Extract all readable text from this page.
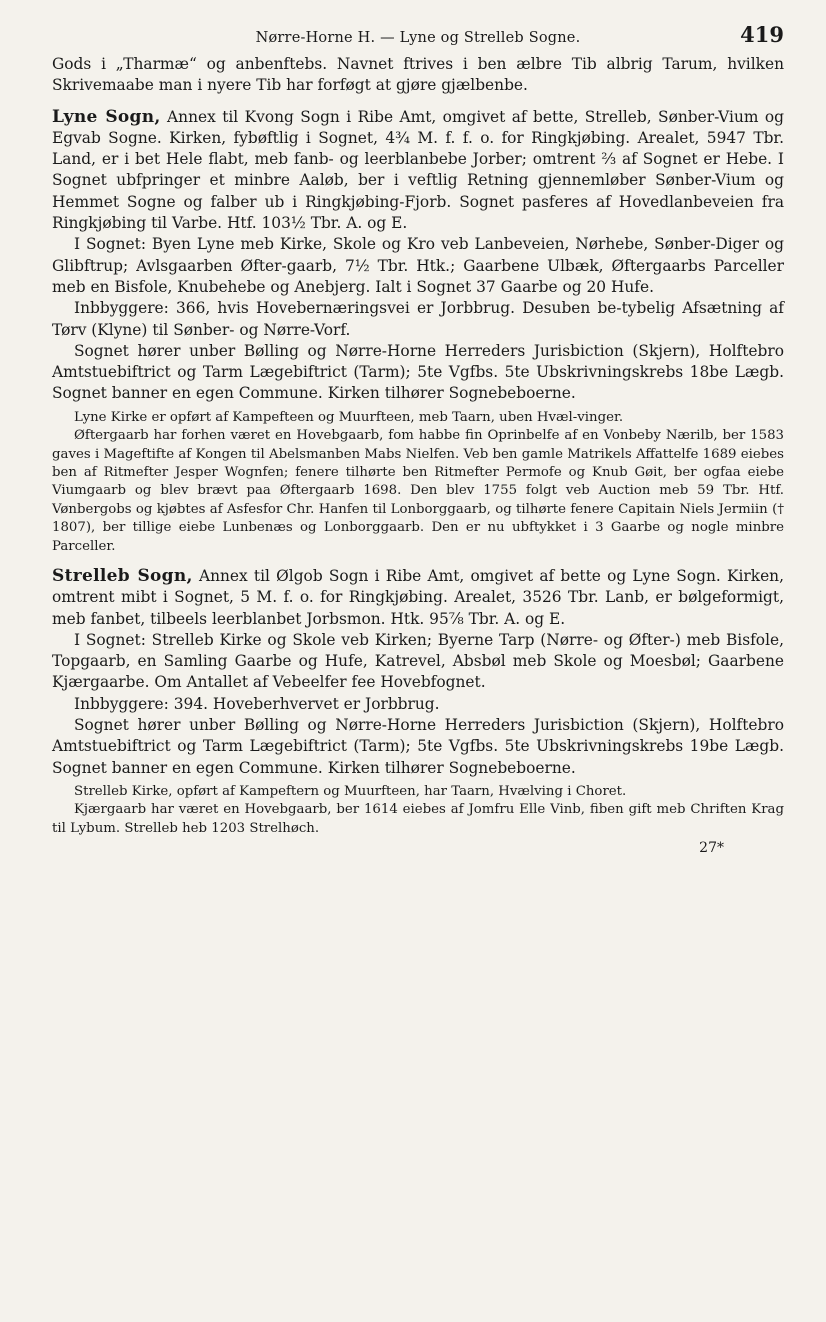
Nørre-Horne H. — Lyne og Strelleb Sogne.	419

Gods i „Tharmæ“ og anbenftebs. Navnet ftrives i ben ælbre Tib albrig Tarum, hvilken Skrivemaabe man i nyere Tib har forføgt at gjøre gjælbenbe.

Lyne Sogn, Annex til Kvong Sogn i Ribe Amt, omgivet af bette, Strelleb, Sønber-Vium og Egvab Sogne. Kirken, fybøftlig i Sognet, 4¾ M. f. f. o. for Ringkjøbing. Arealet, 5947 Tbr. Land, er i bet Hele flabt, meb fanb- og leerblanbebe Jorber; omtrent ⅔ af Sognet er Hebe. I Sognet ubfpringer et minbre Aaløb, ber i veftlig Retning gjennemløber Sønber-Vium og Hemmet Sogne og falber ub i Ringkjøbing-Fjorb. Sognet pasferes af Hovedlanbeveien fra Ringkjøbing til Varbe. Htf. 103½ Tbr. A. og E.

I Sognet: Byen Lyne meb Kirke, Skole og Kro veb Lanbeveien, Nørhebe, Sønber-Diger og Glibftrup; Avlsgaarben Øfter-gaarb, 7½ Tbr. Htk.; Gaarbene Ulbæk, Øftergaarbs Parceller meb en Bisfole, Knubehebe og Anebjerg. Ialt i Sognet 37 Gaarbe og 20 Hufe.

Inbbyggere: 366, hvis Hovebernæringsvei er Jorbbrug. Desuben be-tybelig Afsætning af Tørv (Klyne) til Sønber- og Nørre-Vorf.

Sognet hører unber Bølling og Nørre-Horne Herreders Jurisbiction (Skjern), Holftebro Amtstuebiftrict og Tarm Lægebiftrict (Tarm); 5te Vgfbs. 5te Ubskrivningskrebs 18be Lægb. Sognet banner en egen Commune. Kirken tilhører Sognebeboerne.

Lyne Kirke er opført af Kampefteen og Muurfteen, meb Taarn, uben Hvæl-vinger.

Øftergaarb har forhen været en Hovebgaarb, fom habbe fin Oprinbelfe af en Vonbeby Nærilb, ber 1583 gaves i Mageftifte af Kongen til Abelsmanben Mabs Nielfen. Veb ben gamle Matrikels Affattelfe 1689 eiebes ben af Ritmefter Jesper Wognfen; fenere tilhørte ben Ritmefter Permofe og Knub Gøit, ber ogfaa eiebe Viumgaarb og blev brævt paa Øftergaarb 1698. Den blev 1755 folgt veb Auction meb 59 Tbr. Htf. Vønbergobs og kjøbtes af Asfesfor Chr. Hanfen til Lonborggaarb, og tilhørte fenere Capitain Niels Jermiin († 1807), ber tillige eiebe Lunbenæs og Lonborggaarb. Den er nu ubftykket i 3 Gaarbe og nogle minbre Parceller.

Strelleb Sogn, Annex til Ølgob Sogn i Ribe Amt, omgivet af bette og Lyne Sogn. Kirken, omtrent mibt i Sognet, 5 M. f. o. for Ringkjøbing. Arealet, 3526 Tbr. Lanb, er bølgeformigt, meb fanbet, tilbeels leerblanbet Jorbsmon. Htk. 95⅞ Tbr. A. og E.

I Sognet: Strelleb Kirke og Skole veb Kirken; Byerne Tarp (Nørre- og Øfter-) meb Bisfole, Topgaarb, en Samling Gaarbe og Hufe, Katrevel, Absbøl meb Skole og Moesbøl; Gaarbene Kjærgaarbe. Om Antallet af Vebeelfer fee Hovebfognet.

Inbbyggere: 394. Hoveberhvervet er Jorbbrug.

Sognet hører unber Bølling og Nørre-Horne Herreders Jurisbiction (Skjern), Holftebro Amtstuebiftrict og Tarm Lægebiftrict (Tarm); 5te Vgfbs. 5te Ubskrivningskrebs 19be Lægb. Sognet banner en egen Commune. Kirken tilhører Sognebeboerne.

Strelleb Kirke, opført af Kampeftern og Muurfteen, har Taarn, Hvælving i Choret.

Kjærgaarb har været en Hovebgaarb, ber 1614 eiebes af Jomfru Elle Vinb, fiben gift meb Chriften Krag til Lybum. Strelleb heb 1203 Strelhøch.

27*
